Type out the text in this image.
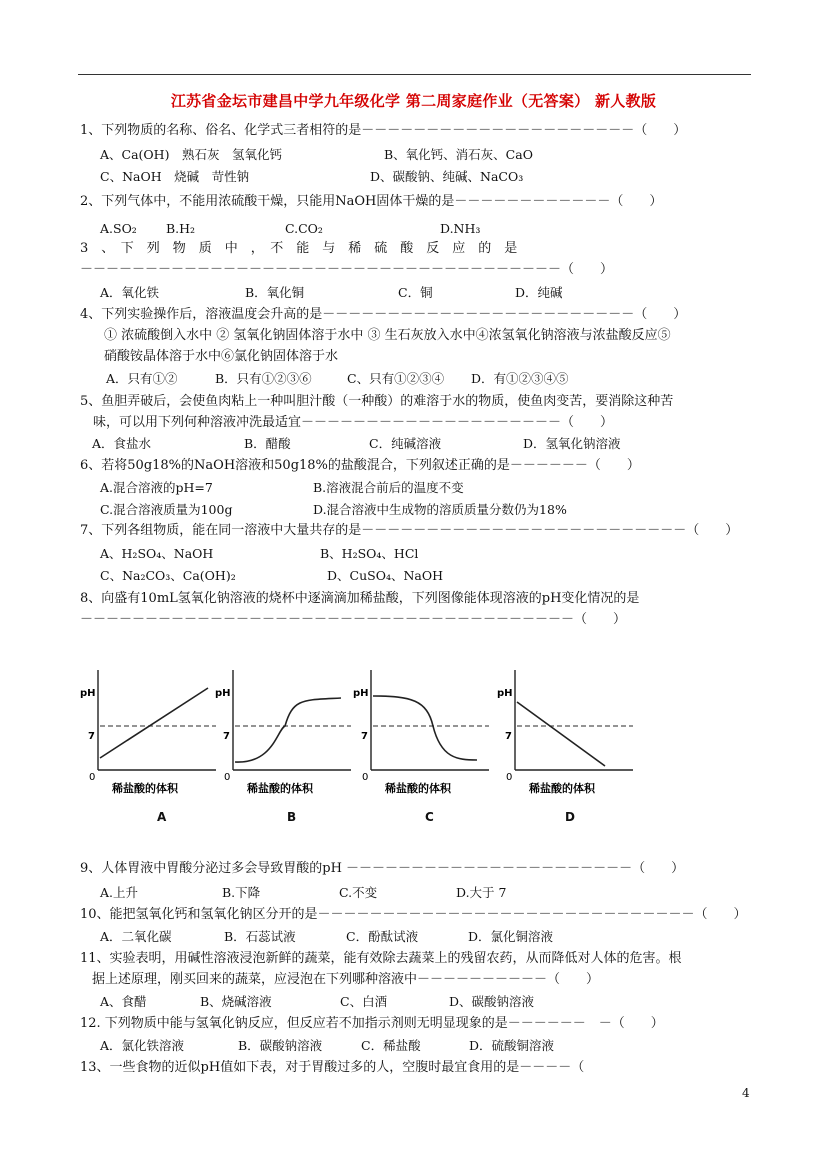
江苏省金坛市建昌中学九年级化学 第二周家庭作业（无答案） 新人教版
1、下列物质的名称、俗名、化学式三者相符的是－－－－－－－－－－－－－－－－－－－－－（　　）
A、Ca(OH)　熟石灰　氢氧化钙	B、氧化钙、消石灰、CaO
C、NaOH　烧碱　苛性钠	D、碳酸钠、纯碱、NaCO₃
2、下列气体中，不能用浓硫酸干燥，只能用NaOH固体干燥的是－－－－－－－－－－－－（　　）
A.SO₂ B.H₂	C.CO₂	D.NH₃
3　、　下　列　物　质　中　，　不　能　与　稀　硫　酸　反　应　的　是
－－－－－－－－－－－－－－－－－－－－－－－－－－－－－－－－－－－－－（　　）
A．氧化铁	B．氧化铜	C．铜	D．纯碱
4、下列实验操作后，溶液温度会升高的是－－－－－－－－－－－－－－－－－－－－－－－－（　　）
① 浓硫酸倒入水中 ② 氢氧化钠固体溶于水中 ③ 生石灰放入水中④浓氢氧化钠溶液与浓盐酸反应⑤
硝酸铵晶体溶于水中⑥氯化钠固体溶于水
A．只有①②	B．只有①②③⑥	C、只有①②③④ D．有①②③④⑤
5、鱼胆弄破后，会使鱼肉粘上一种叫胆汁酸（一种酸）的难溶于水的物质，使鱼肉变苦，要消除这种苦
味，可以用下列何种溶液冲洗最适宜－－－－－－－－－－－－－－－－－－－－（　　）
A．食盐水	B．醋酸	C．纯碱溶液	D．氢氧化钠溶液
6、若将50g18%的NaOH溶液和50g18%的盐酸混合，下列叙述正确的是－－－－－－（　　）
A.混合溶液的pH=7	B.溶液混合前后的温度不变
C.混合溶液质量为100g	D.混合溶液中生成物的溶质质量分数仍为18%
7、下列各组物质，能在同一溶液中大量共存的是－－－－－－－－－－－－－－－－－－－－－－－－－（　　）
A、H₂SO₄、NaOH	B、H₂SO₄、HCl
C、Na₂CO₃、Ca(OH)₂	D、CuSO₄、NaOH
8、向盛有10mL氢氧化钠溶液的烧杯中逐滴滴加稀盐酸，下列图像能体现溶液的pH变化情况的是
－－－－－－－－－－－－－－－－－－－－－－－－－－－－－－－－－－－－－－（　　）
pH
7
0
稀盐酸的体积
pH
7
0
稀盐酸的体积
pH
7
0
稀盐酸的体积
pH
7
0
稀盐酸的体积
A	B	C	D
9、人体胃液中胃酸分泌过多会导致胃酸的pH －－－－－－－－－－－－－－－－－－－－－－（　　）
A.上升	B.下降	C.不变	D.大于 7
10、能把氢氧化钙和氢氧化钠区分开的是－－－－－－－－－－－－－－－－－－－－－－－－－－－－－（　　）
A．二氧化碳	B．石蕊试液	C．酚酞试液	D．氯化铜溶液
11、实验表明，用碱性溶液浸泡新鲜的蔬菜，能有效除去蔬菜上的残留农药，从而降低对人体的危害。根
据上述原理，刚买回来的蔬菜，应浸泡在下列哪种溶液中－－－－－－－－－－（　　）
A、食醋	B、烧碱溶液	C、白酒	D、碳酸钠溶液
12. 下列物质中能与氢氧化钠反应，但反应若不加指示剂则无明显现象的是－－－－－－　－（　　）
A．氯化铁溶液	B．碳酸钠溶液	C．稀盐酸	D．硫酸铜溶液
13、一些食物的近似pH值如下表，对于胃酸过多的人，空腹时最宜食用的是－－－－（　　
4
